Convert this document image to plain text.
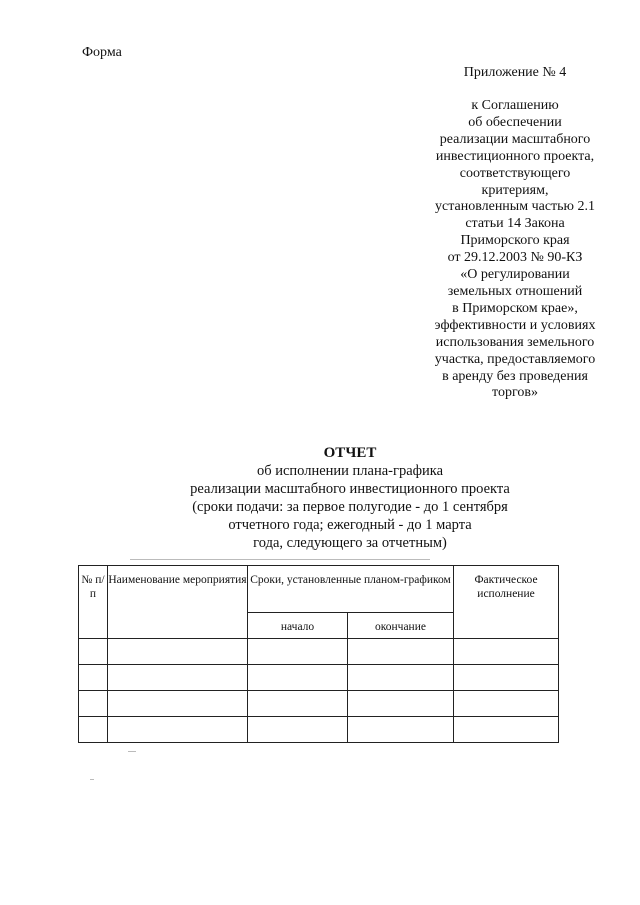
Форма
Приложение № 4
к Соглашению
об обеспечении
реализации масштабного
инвестиционного проекта,
соответствующего
критериям,
установленным частью 2.1
статьи 14 Закона
Приморского края
от 29.12.2003 № 90-КЗ
«О регулировании
земельных отношений
в Приморском крае»,
эффективности и условиях
использования земельного
участка, предоставляемого
в аренду без проведения
торгов»
ОТЧЕТ
об исполнении плана-графика
реализации масштабного инвестиционного проекта
(сроки подачи: за первое полугодие - до 1 сентября
отчетного года; ежегодный - до 1 марта
года, следующего за отчетным)
№ п/п	Наименование мероприятия	Сроки, установленные планом-графиком		Фактическое исполнение
		начало	окончание	
